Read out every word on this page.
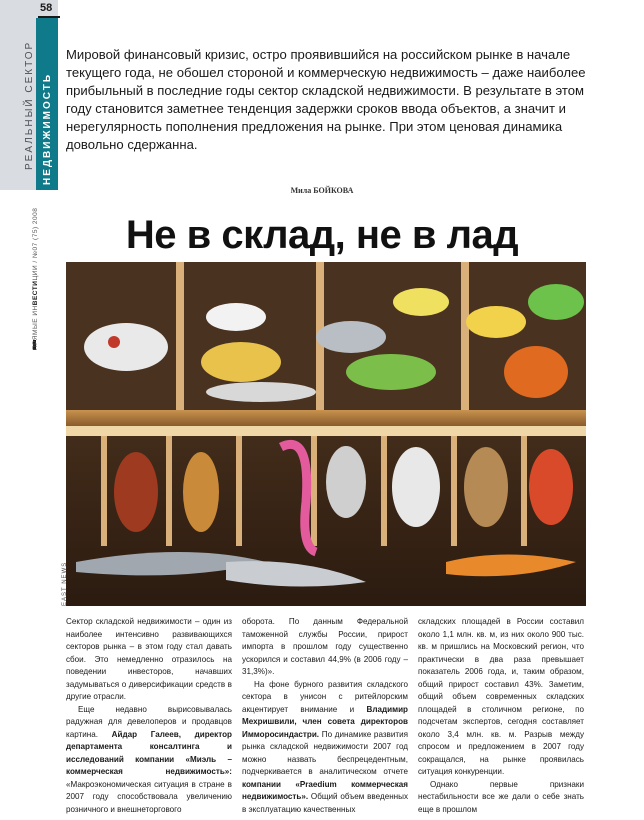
58
РЕАЛЬНЫЙ СЕКТОР НЕДВИЖИМОСТЬ
ПРЯМЫЕ ИНВЕСТИЦИИ / №07 (75) 2008
Мировой финансовый кризис, остро проявившийся на российском рынке в начале текущего года, не обошел стороной и коммерческую недвижимость – даже наиболее прибыльный в последние годы сектор складской недвижимости. В результате в этом году становится заметнее тенденция задержки сроков ввода объектов, а значит и нерегулярность пополнения предложения на рынке. При этом ценовая динамика довольно сдержанна.
Мила БОЙКОВА
Не в склад, не в лад
EAST NEWS

Сектор складской недвижимости – один из наиболее интенсивно развивающихся секторов рынка – в этом году стал давать сбои. Это немедленно отразилось на поведении инвесторов, начавших задумываться о диверсификации средств в другие отрасли.

Еще недавно вырисовывалась радужная для девелоперов и продавцов картина. Айдар Галеев, директор департамента консалтинга и исследований компании «Миэль – коммерческая недвижимость»: «Макроэкономическая ситуация в стране в 2007 году способствовала увеличению розничного и внешнеторгового

оборота. По данным Федеральной таможенной службы России, прирост импорта в прошлом году существенно ускорился и составил 44,9% (в 2006 году – 31,3%)».

На фоне бурного развития складского сектора в унисон с ритейлорским акцентирует внимание и Владимир Мехришвили, член совета директоров Имморосиндастри. По динамике развития рынка складской недвижимости 2007 год можно назвать беспрецедентным, подчеркивается в аналитическом отчете компании «Praedium коммерческая недвижимость». Общий объем введенных в эксплуатацию качественных

складских площадей в России составил около 1,1 млн. кв. м, из них около 900 тыс. кв. м пришлись на Московский регион, что практически в два раза превышает показатель 2006 года, и, таким образом, общий прирост составил 43%. Заметим, общий объем современных складских площадей в столичном регионе, по подсчетам экспертов, сегодня составляет около 3,4 млн. кв. м. Разрыв между спросом и предложением в 2007 году сокращался, на рынке проявилась ситуация конкуренции.

Однако первые признаки нестабильности все же дали о себе знать еще в прошлом
